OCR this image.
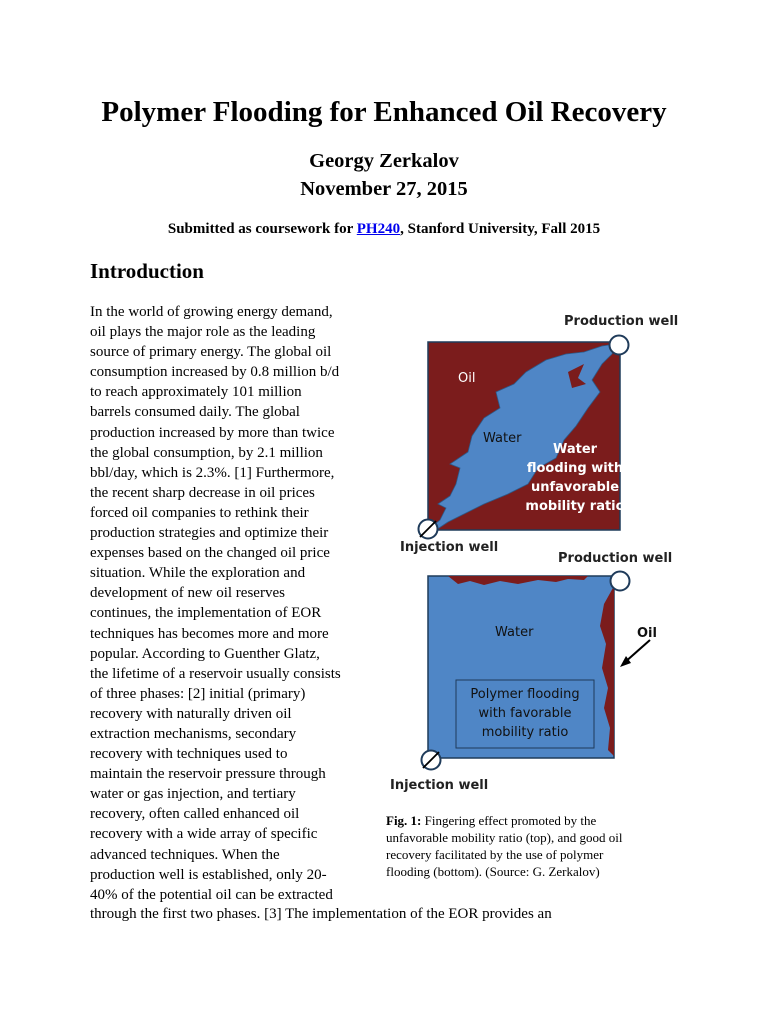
Polymer Flooding for Enhanced Oil Recovery
Georgy Zerkalov
November 27, 2015
Submitted as coursework for PH240, Stanford University, Fall 2015
Introduction

In the world of growing energy demand,
oil plays the major role as the leading
source of primary energy. The global oil
consumption increased by 0.8 million b/d
to reach approximately 101 million
barrels consumed daily. The global
production increased by more than twice
the global consumption, by 2.1 million
bbl/day, which is 2.3%. [1] Furthermore,
the recent sharp decrease in oil prices
forced oil companies to rethink their
production strategies and optimize their
expenses based on the changed oil price
situation. While the exploration and
development of new oil reserves
continues, the implementation of EOR
techniques has becomes more and more
popular. According to Guenther Glatz,
the lifetime of a reservoir usually consists
of three phases: [2] initial (primary)
recovery with naturally driven oil
extraction mechanisms, secondary
recovery with techniques used to
maintain the reservoir pressure through
water or gas injection, and tertiary
recovery, often called enhanced oil
recovery with a wide array of specific
advanced techniques. When the
production well is established, only 20-
40% of the potential oil can be extracted

through the first two phases. [3] The implementation of the EOR provides an
Production well
Injection well
Oil
Water
Water
flooding with
unfavorable
mobility ratio
Production well
Injection well
Water	Oil
Polymer flooding
with favorable
mobility ratio
Fig. 1: Fingering effect promoted by the
unfavorable mobility ratio (top), and good oil
recovery facilitated by the use of polymer
flooding (bottom). (Source: G. Zerkalov)
